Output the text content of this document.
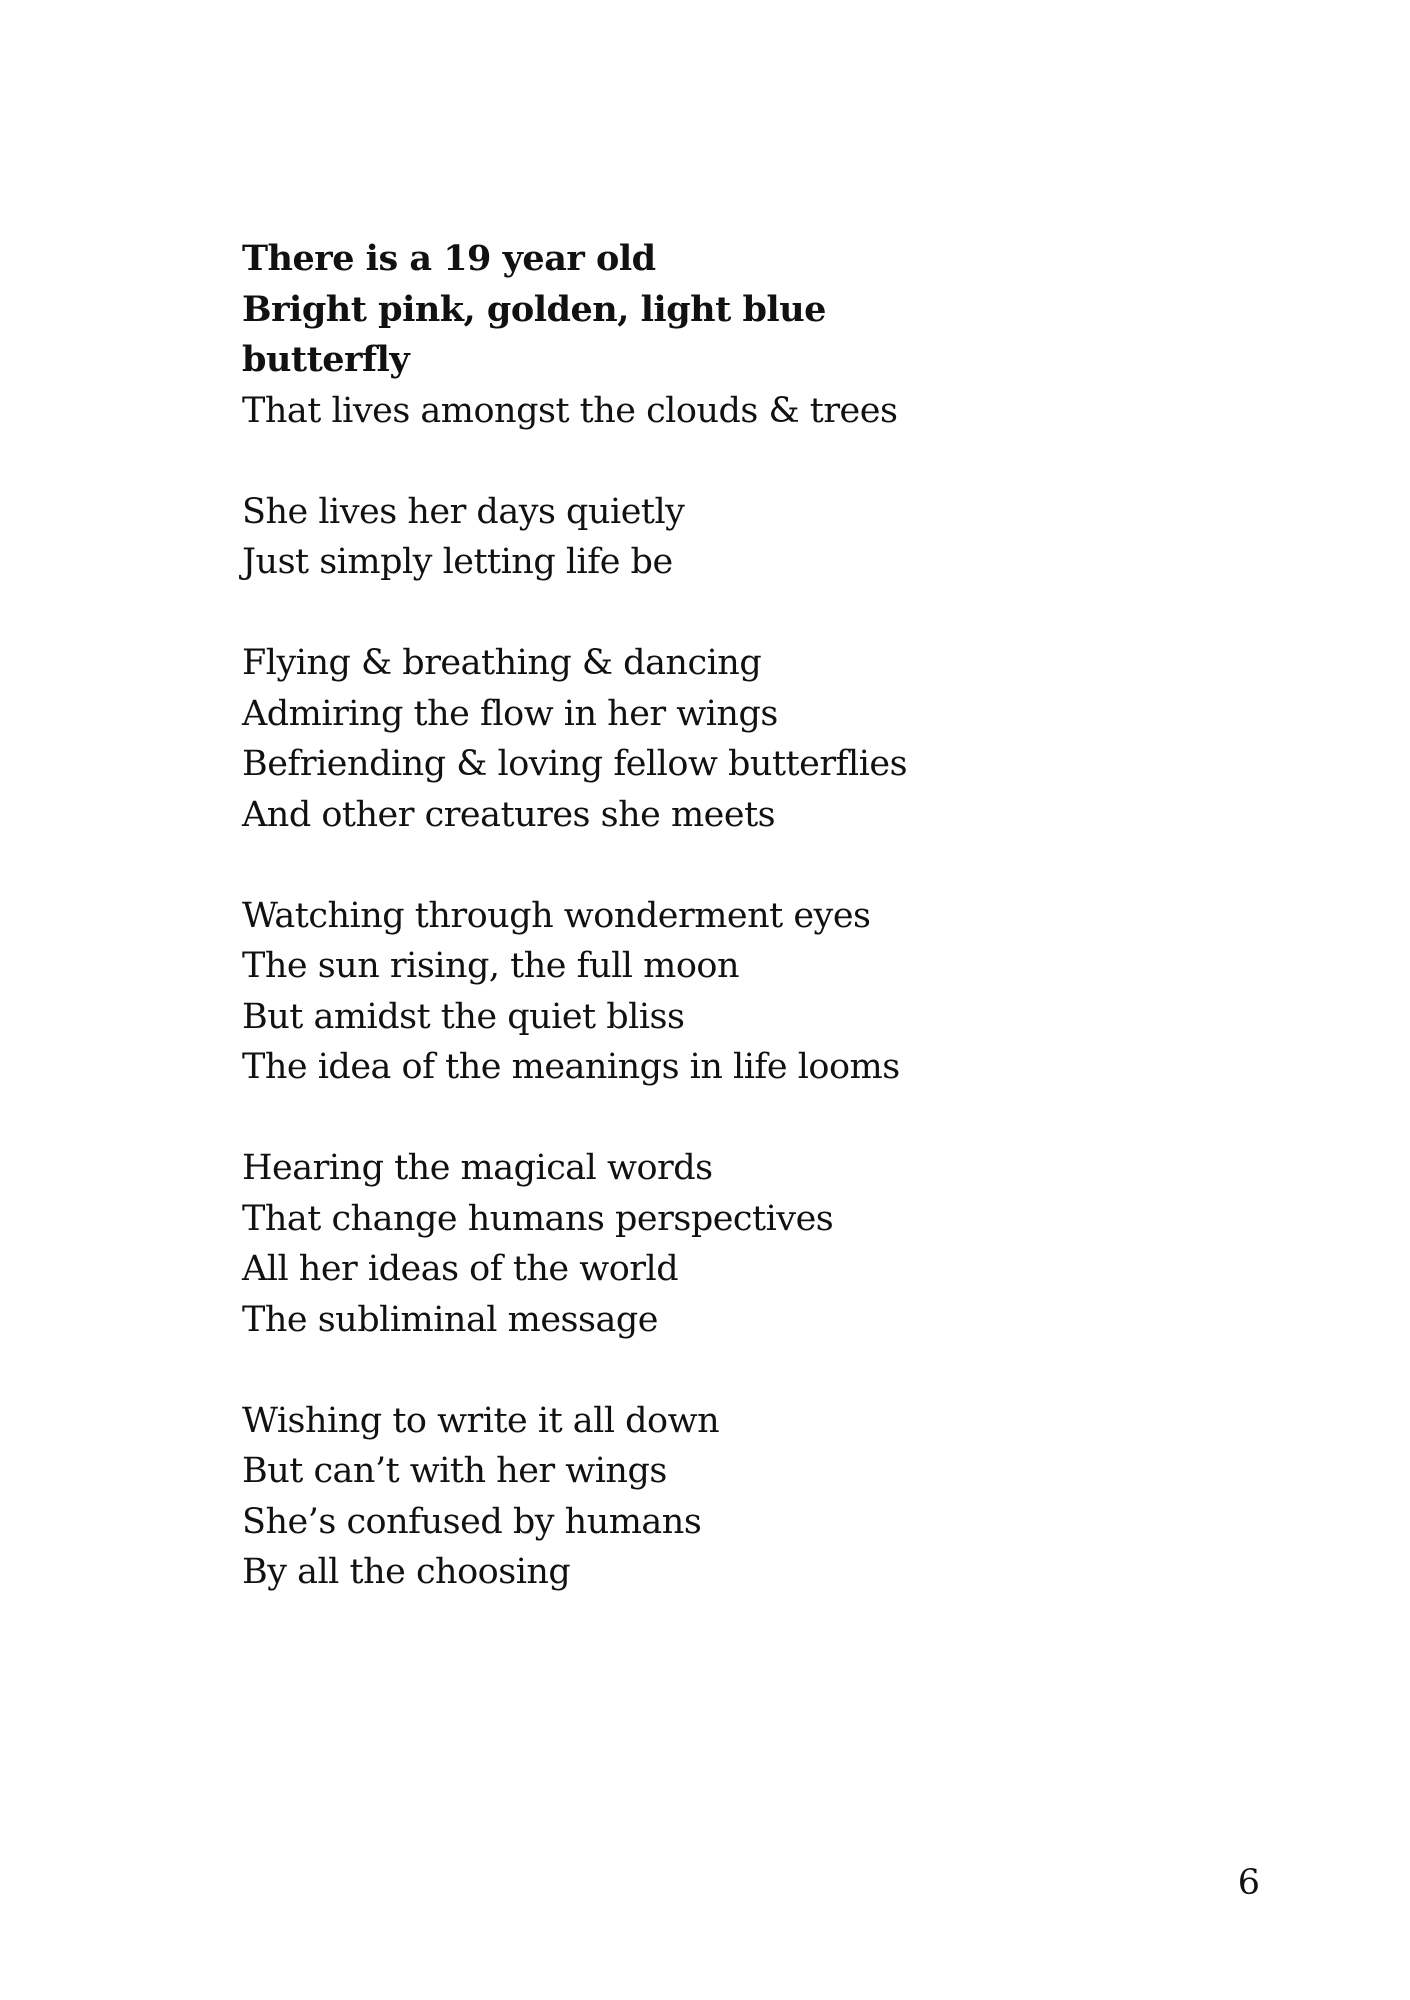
There is a 19 year old
Bright pink, golden, light blue
butterfly
That lives amongst the clouds & trees
She lives her days quietly
Just simply letting life be
Flying & breathing & dancing
Admiring the flow in her wings
Befriending & loving fellow butterflies
And other creatures she meets
Watching through wonderment eyes
The sun rising, the full moon
But amidst the quiet bliss
The idea of the meanings in life looms
Hearing the magical words
That change humans perspectives
All her ideas of the world
The subliminal message
Wishing to write it all down
But can’t with her wings
She’s confused by humans
By all the choosing
6
